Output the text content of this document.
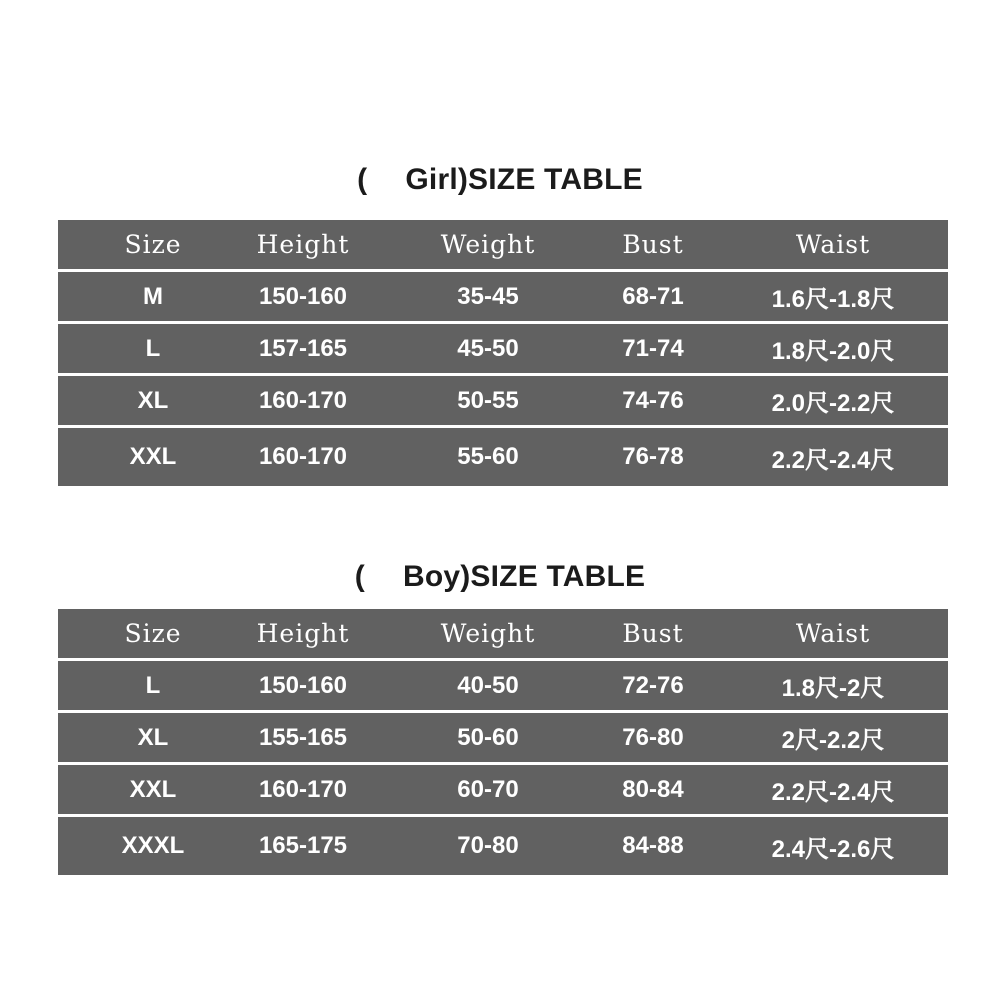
( Girl)SIZE TABLE
Size	Height	Weight	Bust	Waist
M	150-160	35-45	68-71	1.6尺-1.8尺
L	157-165	45-50	71-74	1.8尺-2.0尺
XL	160-170	50-55	74-76	2.0尺-2.2尺
XXL	160-170	55-60	76-78	2.2尺-2.4尺
( Boy)SIZE TABLE
Size	Height	Weight	Bust	Waist
L	150-160	40-50	72-76	1.8尺-2尺
XL	155-165	50-60	76-80	2尺-2.2尺
XXL	160-170	60-70	80-84	2.2尺-2.4尺
XXXL	165-175	70-80	84-88	2.4尺-2.6尺
